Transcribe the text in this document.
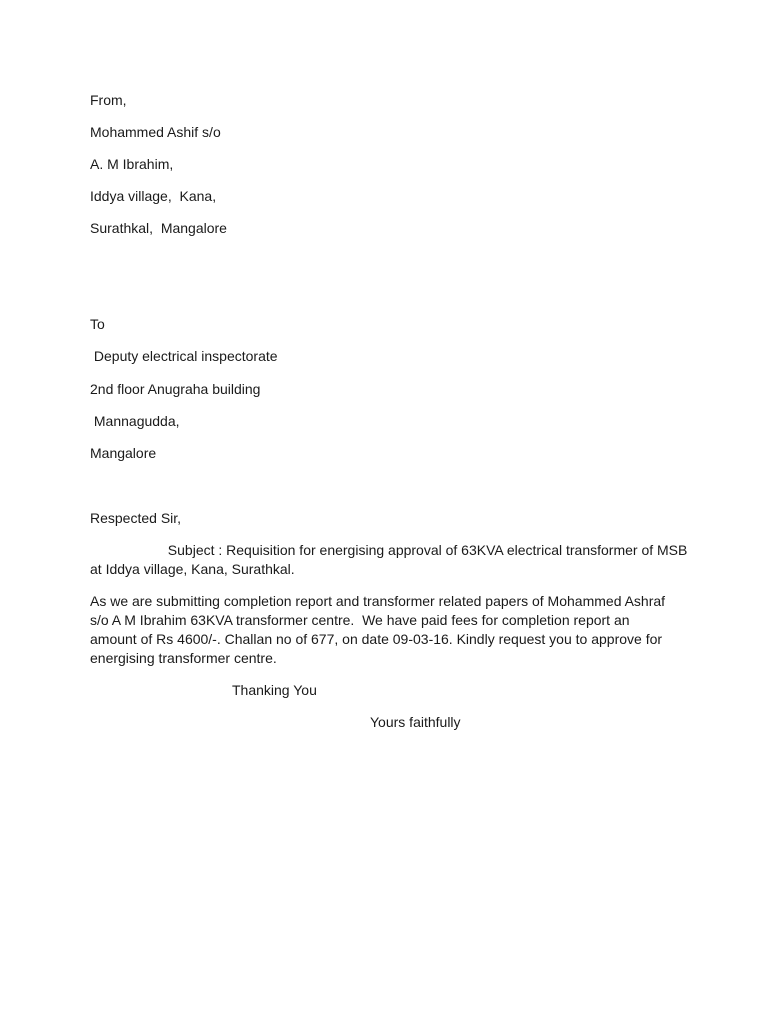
From,
Mohammed Ashif s/o
A. M Ibrahim,
Iddya village,  Kana,
Surathkal,  Mangalore
To
Deputy electrical inspectorate
2nd floor Anugraha building
Mannagudda,
Mangalore
Respected Sir,
Subject : Requisition for energising approval of 63KVA electrical transformer of MSB
at Iddya village, Kana, Surathkal.
As we are submitting completion report and transformer related papers of Mohammed Ashraf
s/o A M Ibrahim 63KVA transformer centre.  We have paid fees for completion report an
amount of Rs 4600/-. Challan no of 677, on date 09-03-16. Kindly request you to approve for
energising transformer centre.
Thanking You
Yours faithfully
